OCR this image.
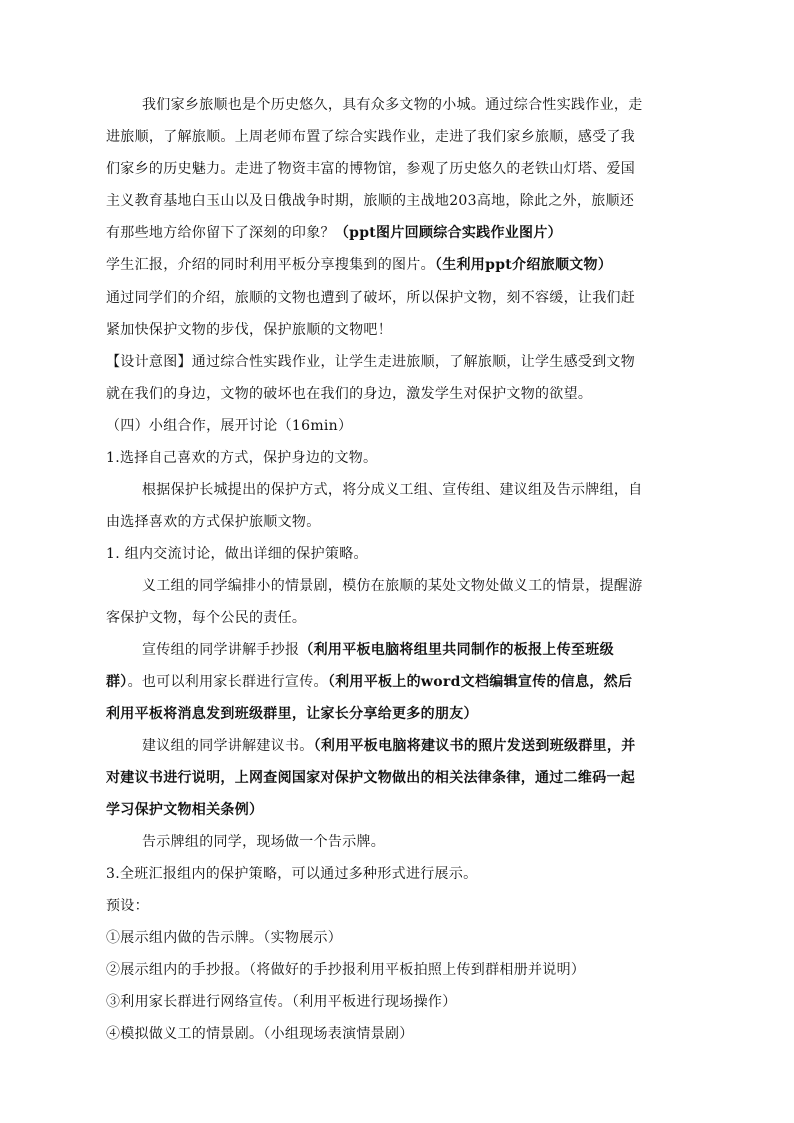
我们家乡旅顺也是个历史悠久，具有众多文物的小城。通过综合性实践作业，走
进旅顺，了解旅顺。上周老师布置了综合实践作业，走进了我们家乡旅顺，感受了我
们家乡的历史魅力。走进了物资丰富的博物馆，参观了历史悠久的老铁山灯塔、爱国
主义教育基地白玉山以及日俄战争时期，旅顺的主战地203高地，除此之外，旅顺还
有那些地方给你留下了深刻的印象？（ppt图片回顾综合实践作业图片）
学生汇报，介绍的同时利用平板分享搜集到的图片。（生利用ppt介绍旅顺文物）
通过同学们的介绍，旅顺的文物也遭到了破坏，所以保护文物，刻不容缓，让我们赶
紧加快保护文物的步伐，保护旅顺的文物吧！
【设计意图】通过综合性实践作业，让学生走进旅顺，了解旅顺，让学生感受到文物
就在我们的身边，文物的破坏也在我们的身边，激发学生对保护文物的欲望。
（四）小组合作，展开讨论（16min）
1.选择自己喜欢的方式，保护身边的文物。
根据保护长城提出的保护方式，将分成义工组、宣传组、建议组及告示牌组，自
由选择喜欢的方式保护旅顺文物。
1. 组内交流讨论，做出详细的保护策略。
义工组的同学编排小的情景剧，模仿在旅顺的某处文物处做义工的情景，提醒游
客保护文物，每个公民的责任。
宣传组的同学讲解手抄报（利用平板电脑将组里共同制作的板报上传至班级
群）。也可以利用家长群进行宣传。（利用平板上的word文档编辑宣传的信息，然后
利用平板将消息发到班级群里，让家长分享给更多的朋友）
建议组的同学讲解建议书。（利用平板电脑将建议书的照片发送到班级群里，并
对建议书进行说明，上网查阅国家对保护文物做出的相关法律条律，通过二维码一起
学习保护文物相关条例）
告示牌组的同学，现场做一个告示牌。
3.全班汇报组内的保护策略，可以通过多种形式进行展示。
预设：
①展示组内做的告示牌。（实物展示）
②展示组内的手抄报。（将做好的手抄报利用平板拍照上传到群相册并说明）
③利用家长群进行网络宣传。（利用平板进行现场操作）
④模拟做义工的情景剧。（小组现场表演情景剧）
